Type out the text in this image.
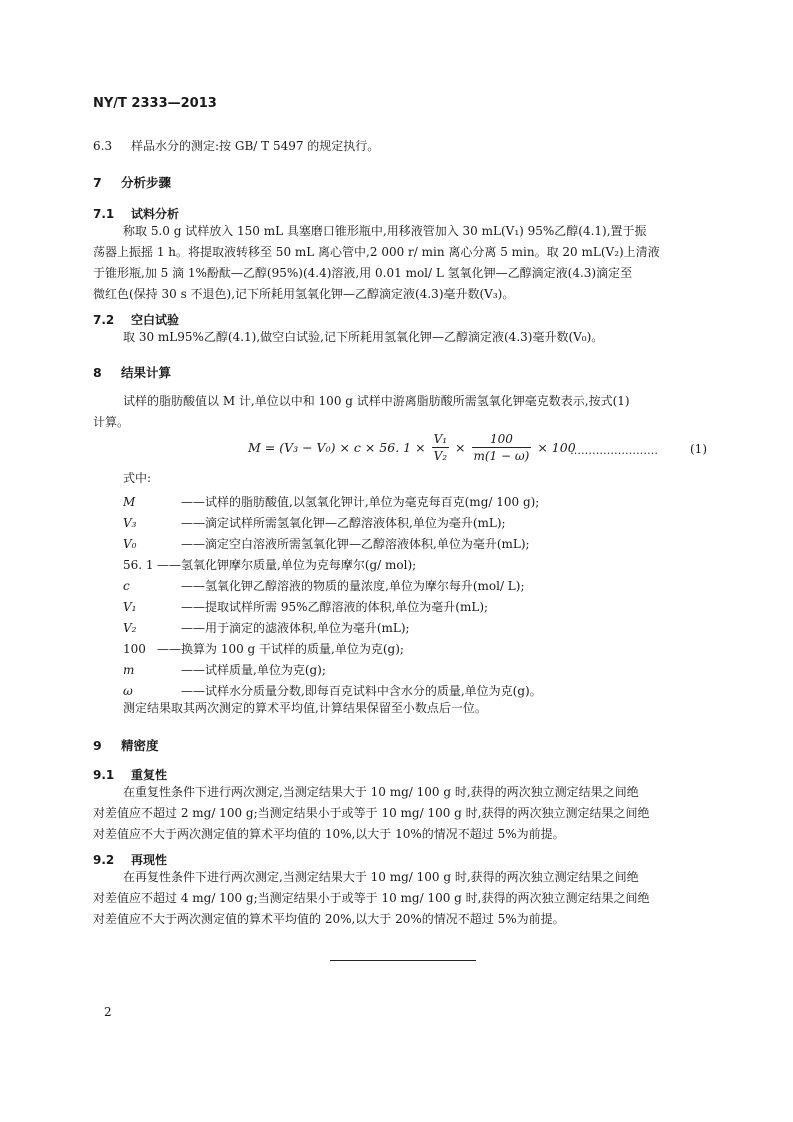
NY/T 2333—2013
6.3 样品水分的测定:按 GB/ T 5497 的规定执行。
7 分析步骤
7.1 试料分析
称取 5.0 g 试样放入 150 mL 具塞磨口锥形瓶中,用移液管加入 30 mL(V₁) 95%乙醇(4.1),置于振
荡器上振摇 1 h。将提取液转移至 50 mL 离心管中,2 000 r/ min 离心分离 5 min。取 20 mL(V₂)上清液
于锥形瓶,加 5 滴 1%酚酞—乙醇(95%)(4.4)溶液,用 0.01 mol/ L 氢氧化钾—乙醇滴定液(4.3)滴定至
微红色(保持 30 s 不退色),记下所耗用氢氧化钾—乙醇滴定液(4.3)毫升数(V₃)。
7.2 空白试验
取 30 mL95%乙醇(4.1),做空白试验,记下所耗用氢氧化钾—乙醇滴定液(4.3)毫升数(V₀)。
8 结果计算
试样的脂肪酸值以 M 计,单位以中和 100 g 试样中游离脂肪酸所需氢氧化钾毫克数表示,按式(1)
计算。
M = (V₃ − V₀) × c × 56. $1 \times \frac{\text{V₁}}{\text{V₂}} \times \frac{100}{m(1 - \omega)} \times 100$
……………………	(1)
式中:
M	——试样的脂肪酸值,以氢氧化钾计,单位为毫克每百克(mg/ 100 g);
V₃	——滴定试样所需氢氧化钾—乙醇溶液体积,单位为毫升(mL);
V₀	——滴定空白溶液所需氢氧化钾—乙醇溶液体积,单位为毫升(mL);
56. 1 ——氢氧化钾摩尔质量,单位为克每摩尔(g/ mol);
c	——氢氧化钾乙醇溶液的物质的量浓度,单位为摩尔每升(mol/ L);
V₁	——提取试样所需 95%乙醇溶液的体积,单位为毫升(mL);
V₂	——用于滴定的滤液体积,单位为毫升(mL);
100 ——换算为 100 g 干试样的质量,单位为克(g);
m	——试样质量,单位为克(g);
ω	——试样水分质量分数,即每百克试料中含水分的质量,单位为克(g)。
测定结果取其两次测定的算术平均值,计算结果保留至小数点后一位。
9 精密度
9.1 重复性
在重复性条件下进行两次测定,当测定结果大于 10 mg/ 100 g 时,获得的两次独立测定结果之间绝
对差值应不超过 2 mg/ 100 g;当测定结果小于或等于 10 mg/ 100 g 时,获得的两次独立测定结果之间绝
对差值应不大于两次测定值的算术平均值的 10%,以大于 10%的情况不超过 5%为前提。
9.2 再现性
在再复性条件下进行两次测定,当测定结果大于 10 mg/ 100 g 时,获得的两次独立测定结果之间绝
对差值应不超过 4 mg/ 100 g;当测定结果小于或等于 10 mg/ 100 g 时,获得的两次独立测定结果之间绝
对差值应不大于两次测定值的算术平均值的 20%,以大于 20%的情况不超过 5%为前提。
2
